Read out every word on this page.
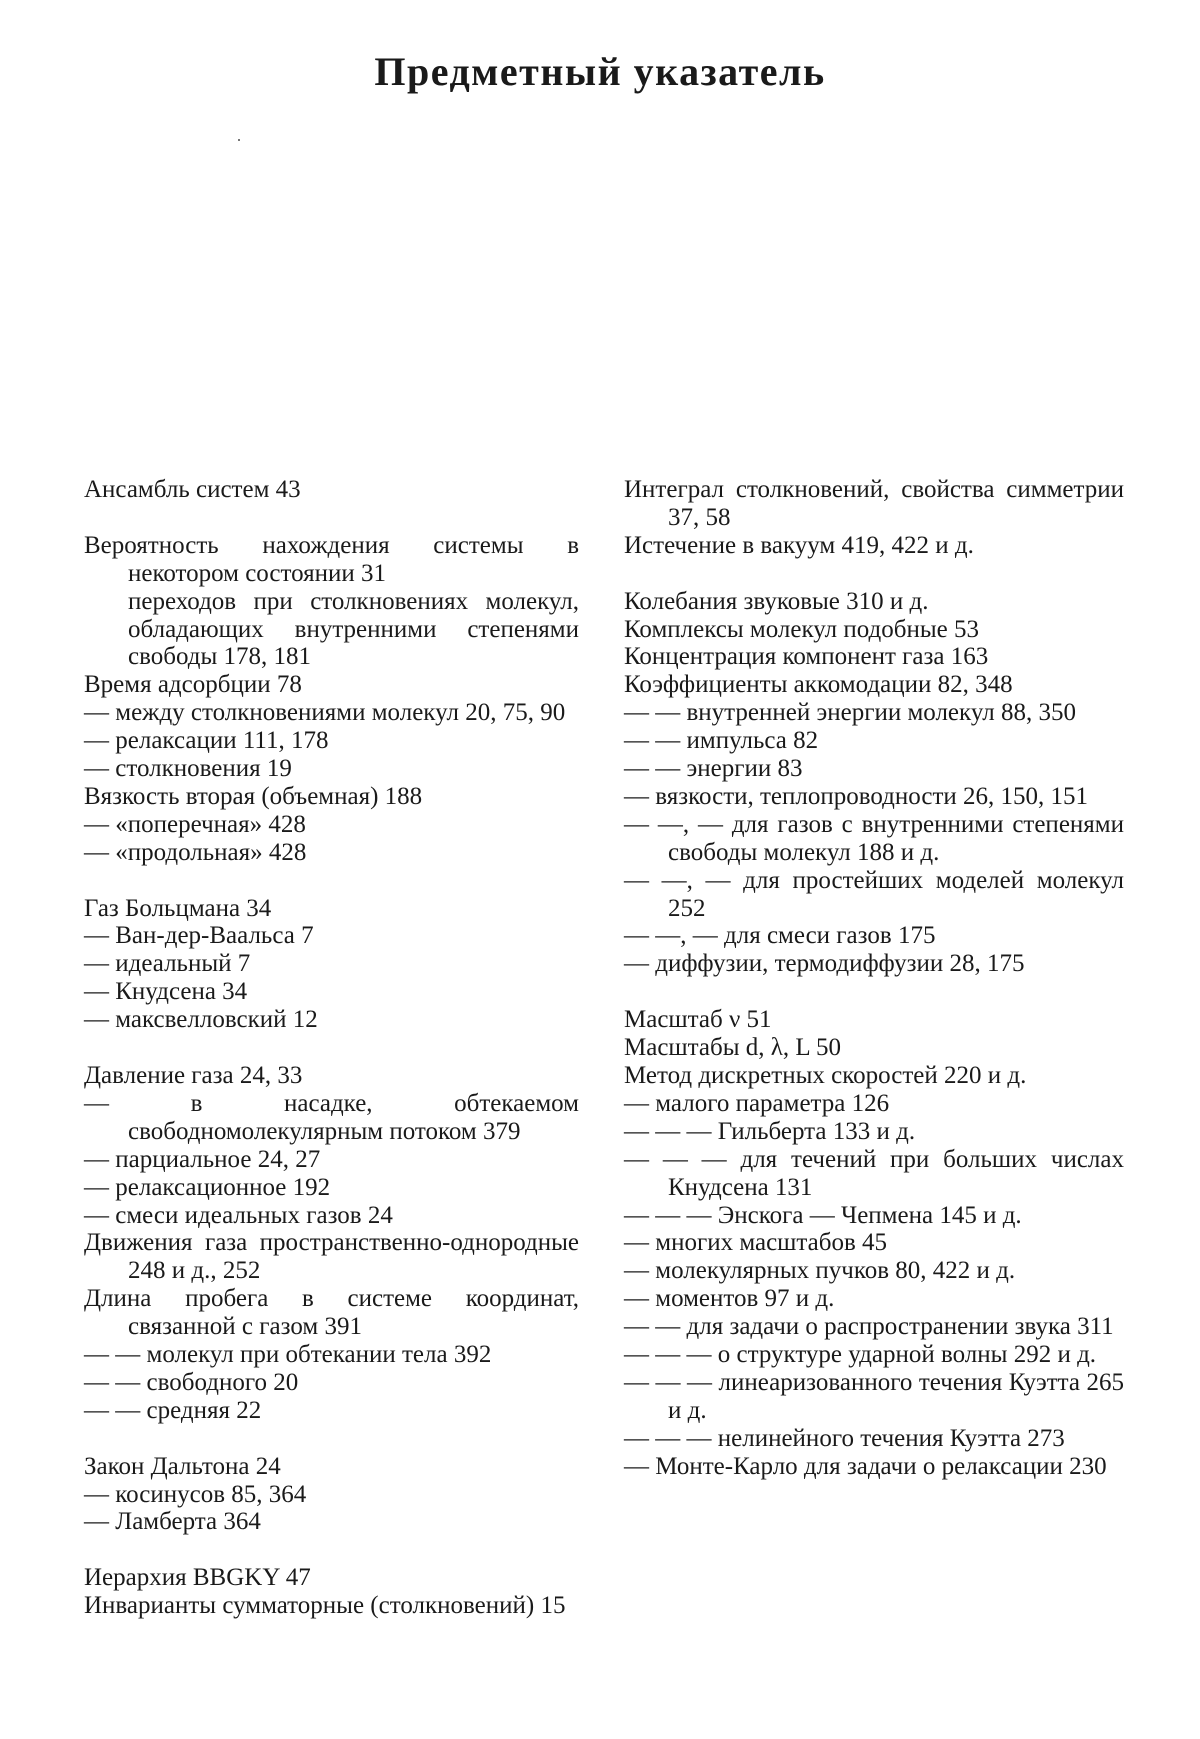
Предметный указатель
Ансамбль систем 43
Вероятность нахождения системы в некотором состоянии 31
переходов при столкновениях молекул, обладающих внутренними степенями свободы 178, 181
Время адсорбции 78
— между столкновениями молекул 20, 75, 90
— релаксации 111, 178
— столкновения 19
Вязкость вторая (объемная) 188
— «поперечная» 428
— «продольная» 428
Газ Больцмана 34
— Ван-дер-Ваальса 7
— идеальный 7
— Кнудсена 34
— максвелловский 12
Давление газа 24, 33
— в насадке, обтекаемом свободномолекулярным потоком 379
— парциальное 24, 27
— релаксационное 192
— смеси идеальных газов 24
Движения газа пространственно-однородные 248 и д., 252
Длина пробега в системе координат, связанной с газом 391
— — молекул при обтекании тела 392
— — свободного 20
— — средняя 22
Закон Дальтона 24
— косинусов 85, 364
— Ламберта 364
Иерархия BBGKY 47
Инварианты сумматорные (столкновений) 15
Интеграл столкновений, свойства симметрии 37, 58
Истечение в вакуум 419, 422 и д.
Колебания звуковые 310 и д.
Комплексы молекул подобные 53
Концентрация компонент газа 163
Коэффициенты аккомодации 82, 348
— — внутренней энергии молекул 88, 350
— — импульса 82
— — энергии 83
— вязкости, теплопроводности 26, 150, 151
— —, — для газов с внутренними степенями свободы молекул 188 и д.
— —, — для простейших моделей молекул 252
— —, — для смеси газов 175
— диффузии, термодиффузии 28, 175
Масштаб ν 51
Масштабы d, λ, L 50
Метод дискретных скоростей 220 и д.
— малого параметра 126
— — — Гильберта 133 и д.
— — — для течений при больших числах Кнудсена 131
— — — Энскога — Чепмена 145 и д.
— многих масштабов 45
— молекулярных пучков 80, 422 и д.
— моментов 97 и д.
— — для задачи о распространении звука 311
— — — о структуре ударной волны 292 и д.
— — — линеаризованного течения Куэтта 265 и д.
— — — нелинейного течения Куэтта 273
— Монте-Карло для задачи о релаксации 230
